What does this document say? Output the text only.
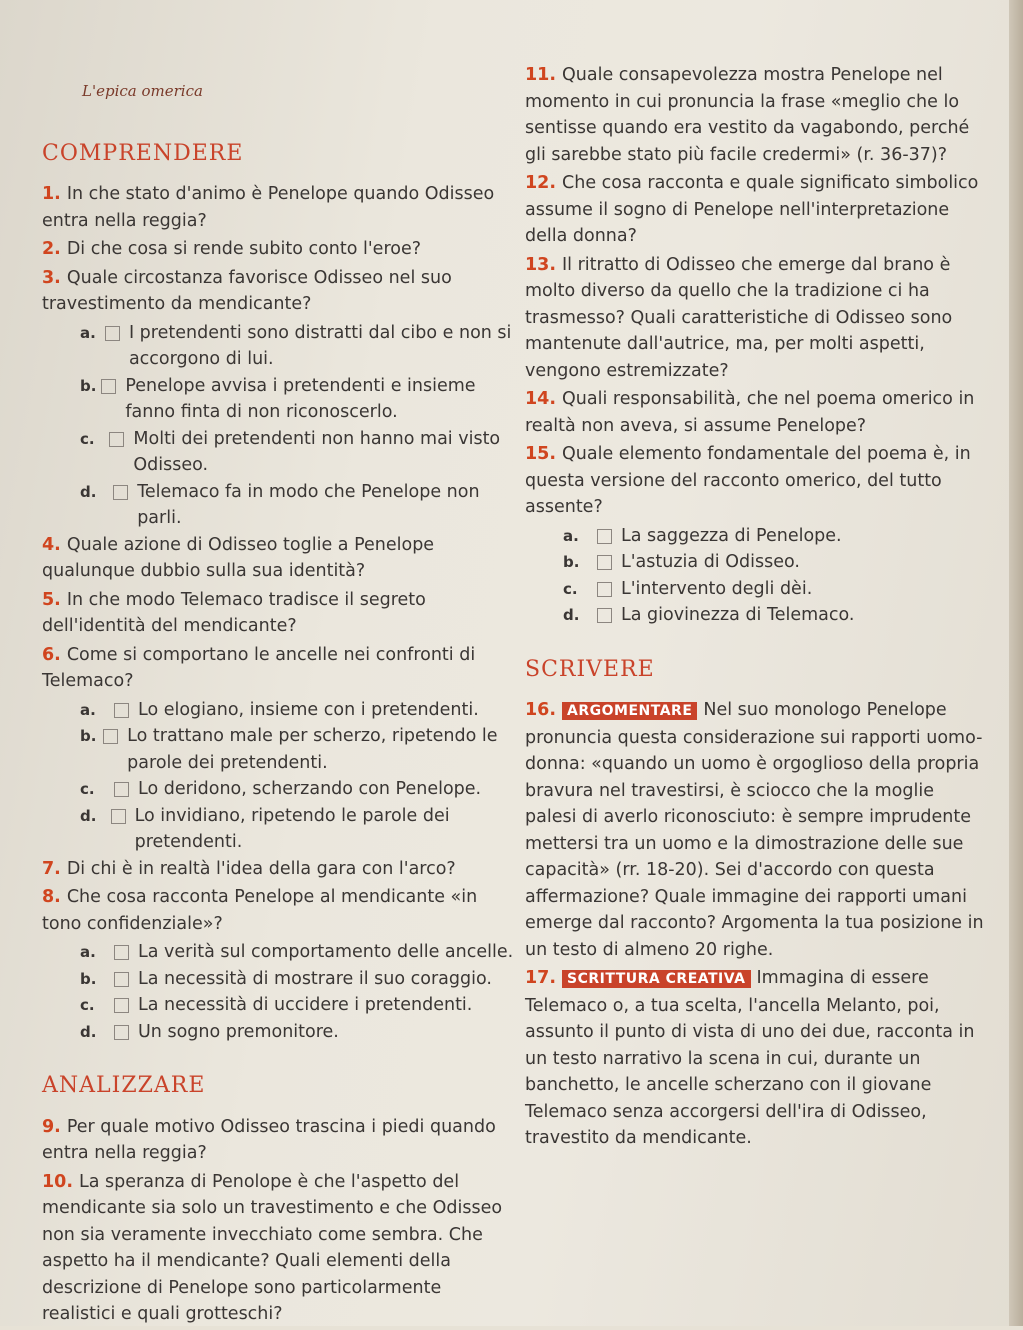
L'epica omerica
COMPRENDERE
1. In che stato d'animo è Penelope quando Odisseo entra nella reggia?
2. Di che cosa si rende subito conto l'eroe?
3. Quale circostanza favorisce Odisseo nel suo travestimento da mendicante?
a.	I pretendenti sono distratti dal cibo e non si accorgono di lui.
b. Penelope avvisa i pretendenti e insieme fanno finta di non riconoscerlo.
c.	Molti dei pretendenti non hanno mai visto Odisseo.
d.	Telemaco fa in modo che Penelope non parli.
4. Quale azione di Odisseo toglie a Penelope qualunque dubbio sulla sua identità?
5. In che modo Telemaco tradisce il segreto dell'identità del mendicante?
6. Come si comportano le ancelle nei confronti di Telemaco?
a.	Lo elogiano, insieme con i pretendenti.
b.	Lo trattano male per scherzo, ripetendo le parole dei pretendenti.
c.	Lo deridono, scherzando con Penelope.
d.	Lo invidiano, ripetendo le parole dei pretendenti.
7. Di chi è in realtà l'idea della gara con l'arco?
8. Che cosa racconta Penelope al mendicante «in tono confidenziale»?
a.	La verità sul comportamento delle ancelle.
b.	La necessità di mostrare il suo coraggio.
c.	La necessità di uccidere i pretendenti.
d.	Un sogno premonitore.
ANALIZZARE
9. Per quale motivo Odisseo trascina i piedi quando entra nella reggia?
10. La speranza di Penolope è che l'aspetto del mendicante sia solo un travestimento e che Odisseo non sia veramente invecchiato come sembra. Che aspetto ha il mendicante? Quali elementi della descrizione di Penelope sono particolarmente realistici e quali grotteschi?
11. Quale consapevolezza mostra Penelope nel momento in cui pronuncia la frase «meglio che lo sentisse quando era vestito da vagabondo, perché gli sarebbe stato più facile credermi» (r. 36-37)?
12. Che cosa racconta e quale significato simbolico assume il sogno di Penelope nell'interpretazione della donna?
13. Il ritratto di Odisseo che emerge dal brano è molto diverso da quello che la tradizione ci ha trasmesso? Quali caratteristiche di Odisseo sono mantenute dall'autrice, ma, per molti aspetti, vengono estremizzate?
14. Quali responsabilità, che nel poema omerico in realtà non aveva, si assume Penelope?
15. Quale elemento fondamentale del poema è, in questa versione del racconto omerico, del tutto assente?
a.	La saggezza di Penelope.
b.	L'astuzia di Odisseo.
c.	L'intervento degli dèi.
d.	La giovinezza di Telemaco.
SCRIVERE
16. ARGOMENTARE Nel suo monologo Penelope pronuncia questa considerazione sui rapporti uomo-donna: «quando un uomo è orgoglioso della propria bravura nel travestirsi, è sciocco che la moglie palesi di averlo riconosciuto: è sempre imprudente mettersi tra un uomo e la dimostrazione delle sue capacità» (rr. 18-20). Sei d'accordo con questa affermazione? Quale immagine dei rapporti umani emerge dal racconto? Argomenta la tua posizione in un testo di almeno 20 righe.
17. SCRITTURA CREATIVA Immagina di essere Telemaco o, a tua scelta, l'ancella Melanto, poi, assunto il punto di vista di uno dei due, racconta in un testo narrativo la scena in cui, durante un banchetto, le ancelle scherzano con il giovane Telemaco senza accorgersi dell'ira di Odisseo, travestito da mendicante.
